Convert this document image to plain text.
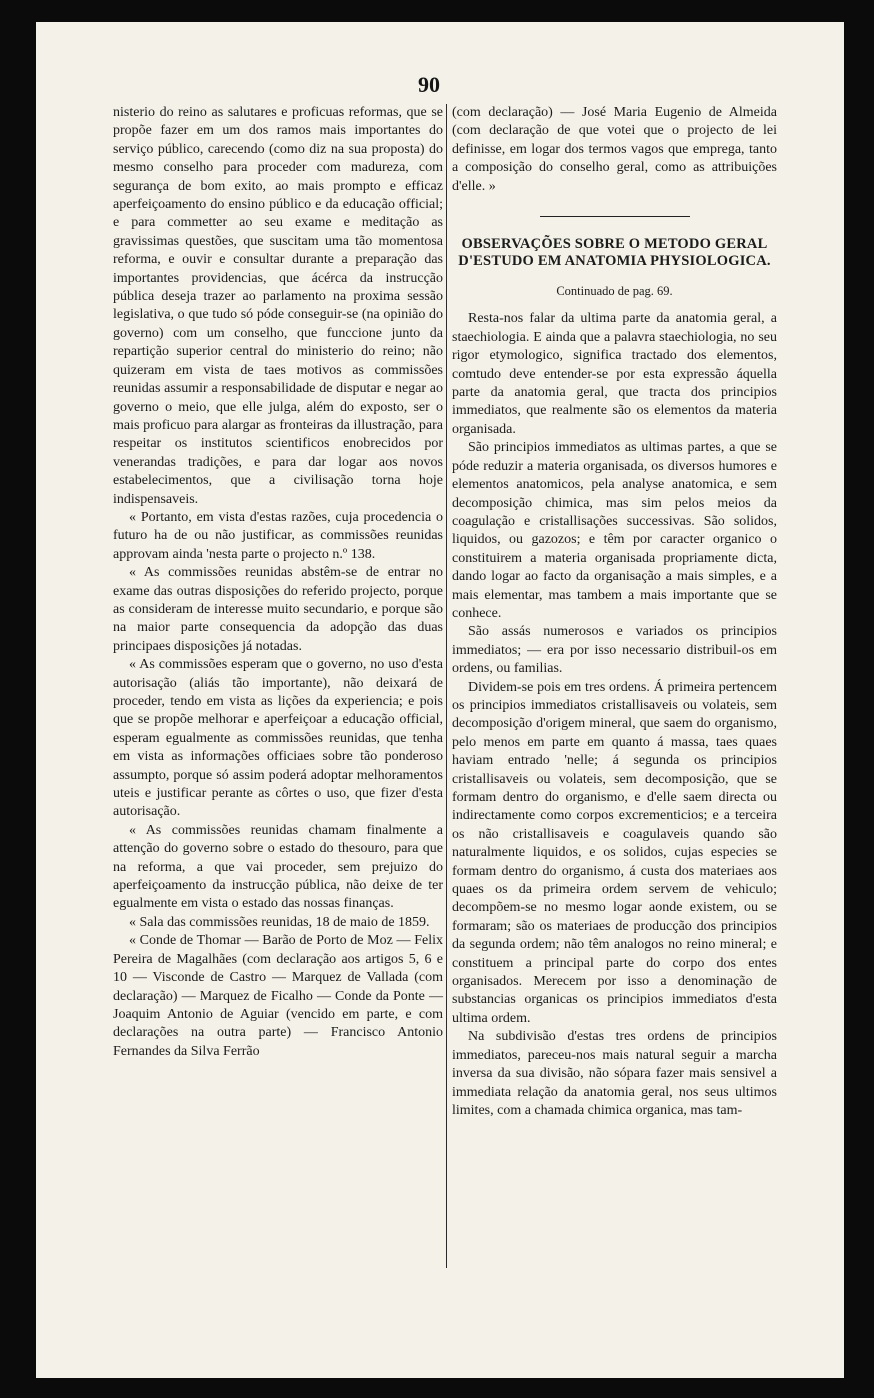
90

nisterio do reino as salutares e proficuas reformas, que se propõe fazer em um dos ramos mais importantes do serviço público, carecendo (como diz na sua proposta) do mesmo conselho para proceder com madureza, com segurança de bom exito, ao mais prompto e efficaz aperfeiçoamento do ensino público e da educação official; e para commetter ao seu exame e meditação as gravissimas questões, que suscitam uma tão momentosa reforma, e ouvir e consultar durante a preparação das importantes providencias, que ácérca da instrucção pública deseja trazer ao parlamento na proxima sessão legislativa, o que tudo só póde conseguir-se (na opinião do governo) com um conselho, que funccione junto da repartição superior central do ministerio do reino; não quizeram em vista de taes motivos as commissões reunidas assumir a responsabilidade de disputar e negar ao governo o meio, que elle julga, além do exposto, ser o mais proficuo para alargar as fronteiras da illustração, para respeitar os institutos scientificos enobrecidos por venerandas tradições, e para dar logar aos novos estabelecimentos, que a civilisação torna hoje indispensaveis.

« Portanto, em vista d'estas razões, cuja procedencia o futuro ha de ou não justificar, as commissões reunidas approvam ainda 'nesta parte o projecto n.º 138.

« As commissões reunidas abstêm-se de entrar no exame das outras disposições do referido projecto, porque as consideram de interesse muito secundario, e porque são na maior parte consequencia da adopção das duas principaes disposições já notadas.

« As commissões esperam que o governo, no uso d'esta autorisação (aliás tão importante), não deixará de proceder, tendo em vista as lições da experiencia; e pois que se propõe melhorar e aperfeiçoar a educação official, esperam egualmente as commissões reunidas, que tenha em vista as informações officiaes sobre tão ponderoso assumpto, porque só assim poderá adoptar melhoramentos uteis e justificar perante as côrtes o uso, que fizer d'esta autorisação.

« As commissões reunidas chamam finalmente a attenção do governo sobre o estado do thesouro, para que na reforma, a que vai proceder, sem prejuizo do aperfeiçoamento da instrucção pública, não deixe de ter egualmente em vista o estado das nossas finanças.

« Sala das commissões reunidas, 18 de maio de 1859.

« Conde de Thomar — Barão de Porto de Moz — Felix Pereira de Magalhães (com declaração aos artigos 5, 6 e 10 — Visconde de Castro — Marquez de Vallada (com declaração) — Marquez de Ficalho — Conde da Ponte — Joaquim Antonio de Aguiar (vencido em parte, e com declarações na outra parte) — Francisco Antonio Fernandes da Silva Ferrão

(com declaração) — José Maria Eugenio de Almeida (com declaração de que votei que o projecto de lei definisse, em logar dos termos vagos que emprega, tanto a composição do conselho geral, como as attribuições d'elle. »

OBSERVAÇÕES SOBRE O METODO GERAL D'ESTUDO EM ANATOMIA PHYSIOLOGICA.
Continuado de pag. 69.

Resta-nos falar da ultima parte da anatomia geral, a staechiologia. E ainda que a palavra staechiologia, no seu rigor etymologico, significa tractado dos elementos, comtudo deve entender-se por esta expressão áquella parte da anatomia geral, que tracta dos principios immediatos, que realmente são os elementos da materia organisada.

São principios immediatos as ultimas partes, a que se póde reduzir a materia organisada, os diversos humores e elementos anatomicos, pela analyse anatomica, e sem decomposição chimica, mas sim pelos meios da coagulação e cristallisações successivas. São solidos, liquidos, ou gazozos; e têm por caracter organico o constituirem a materia organisada propriamente dicta, dando logar ao facto da organisação a mais simples, e a mais elementar, mas tambem a mais importante que se conhece.

São assás numerosos e variados os principios immediatos; — era por isso necessario distribuil-os em ordens, ou familias.

Dividem-se pois em tres ordens. Á primeira pertencem os principios immediatos cristallisaveis ou volateis, sem decomposição d'origem mineral, que saem do organismo, pelo menos em parte em quanto á massa, taes quaes haviam entrado 'nelle; á segunda os principios cristallisaveis ou volateis, sem decomposição, que se formam dentro do organismo, e d'elle saem directa ou indirectamente como corpos excrementicios; e a terceira os não cristallisaveis e coagulaveis quando são naturalmente liquidos, e os solidos, cujas especies se formam dentro do organismo, á custa dos materiaes aos quaes os da primeira ordem servem de vehiculo; decompõem-se no mesmo logar aonde existem, ou se formaram; são os materiaes de producção dos principios da segunda ordem; não têm analogos no reino mineral; e constituem a principal parte do corpo dos entes organisados. Merecem por isso a denominação de substancias organicas os principios immediatos d'esta ultima ordem.

Na subdivisão d'estas tres ordens de principios immediatos, pareceu-nos mais natural seguir a marcha inversa da sua divisão, não sópara fazer mais sensivel a immediata relação da anatomia geral, nos seus ultimos limites, com a chamada chimica organica, mas tam-
